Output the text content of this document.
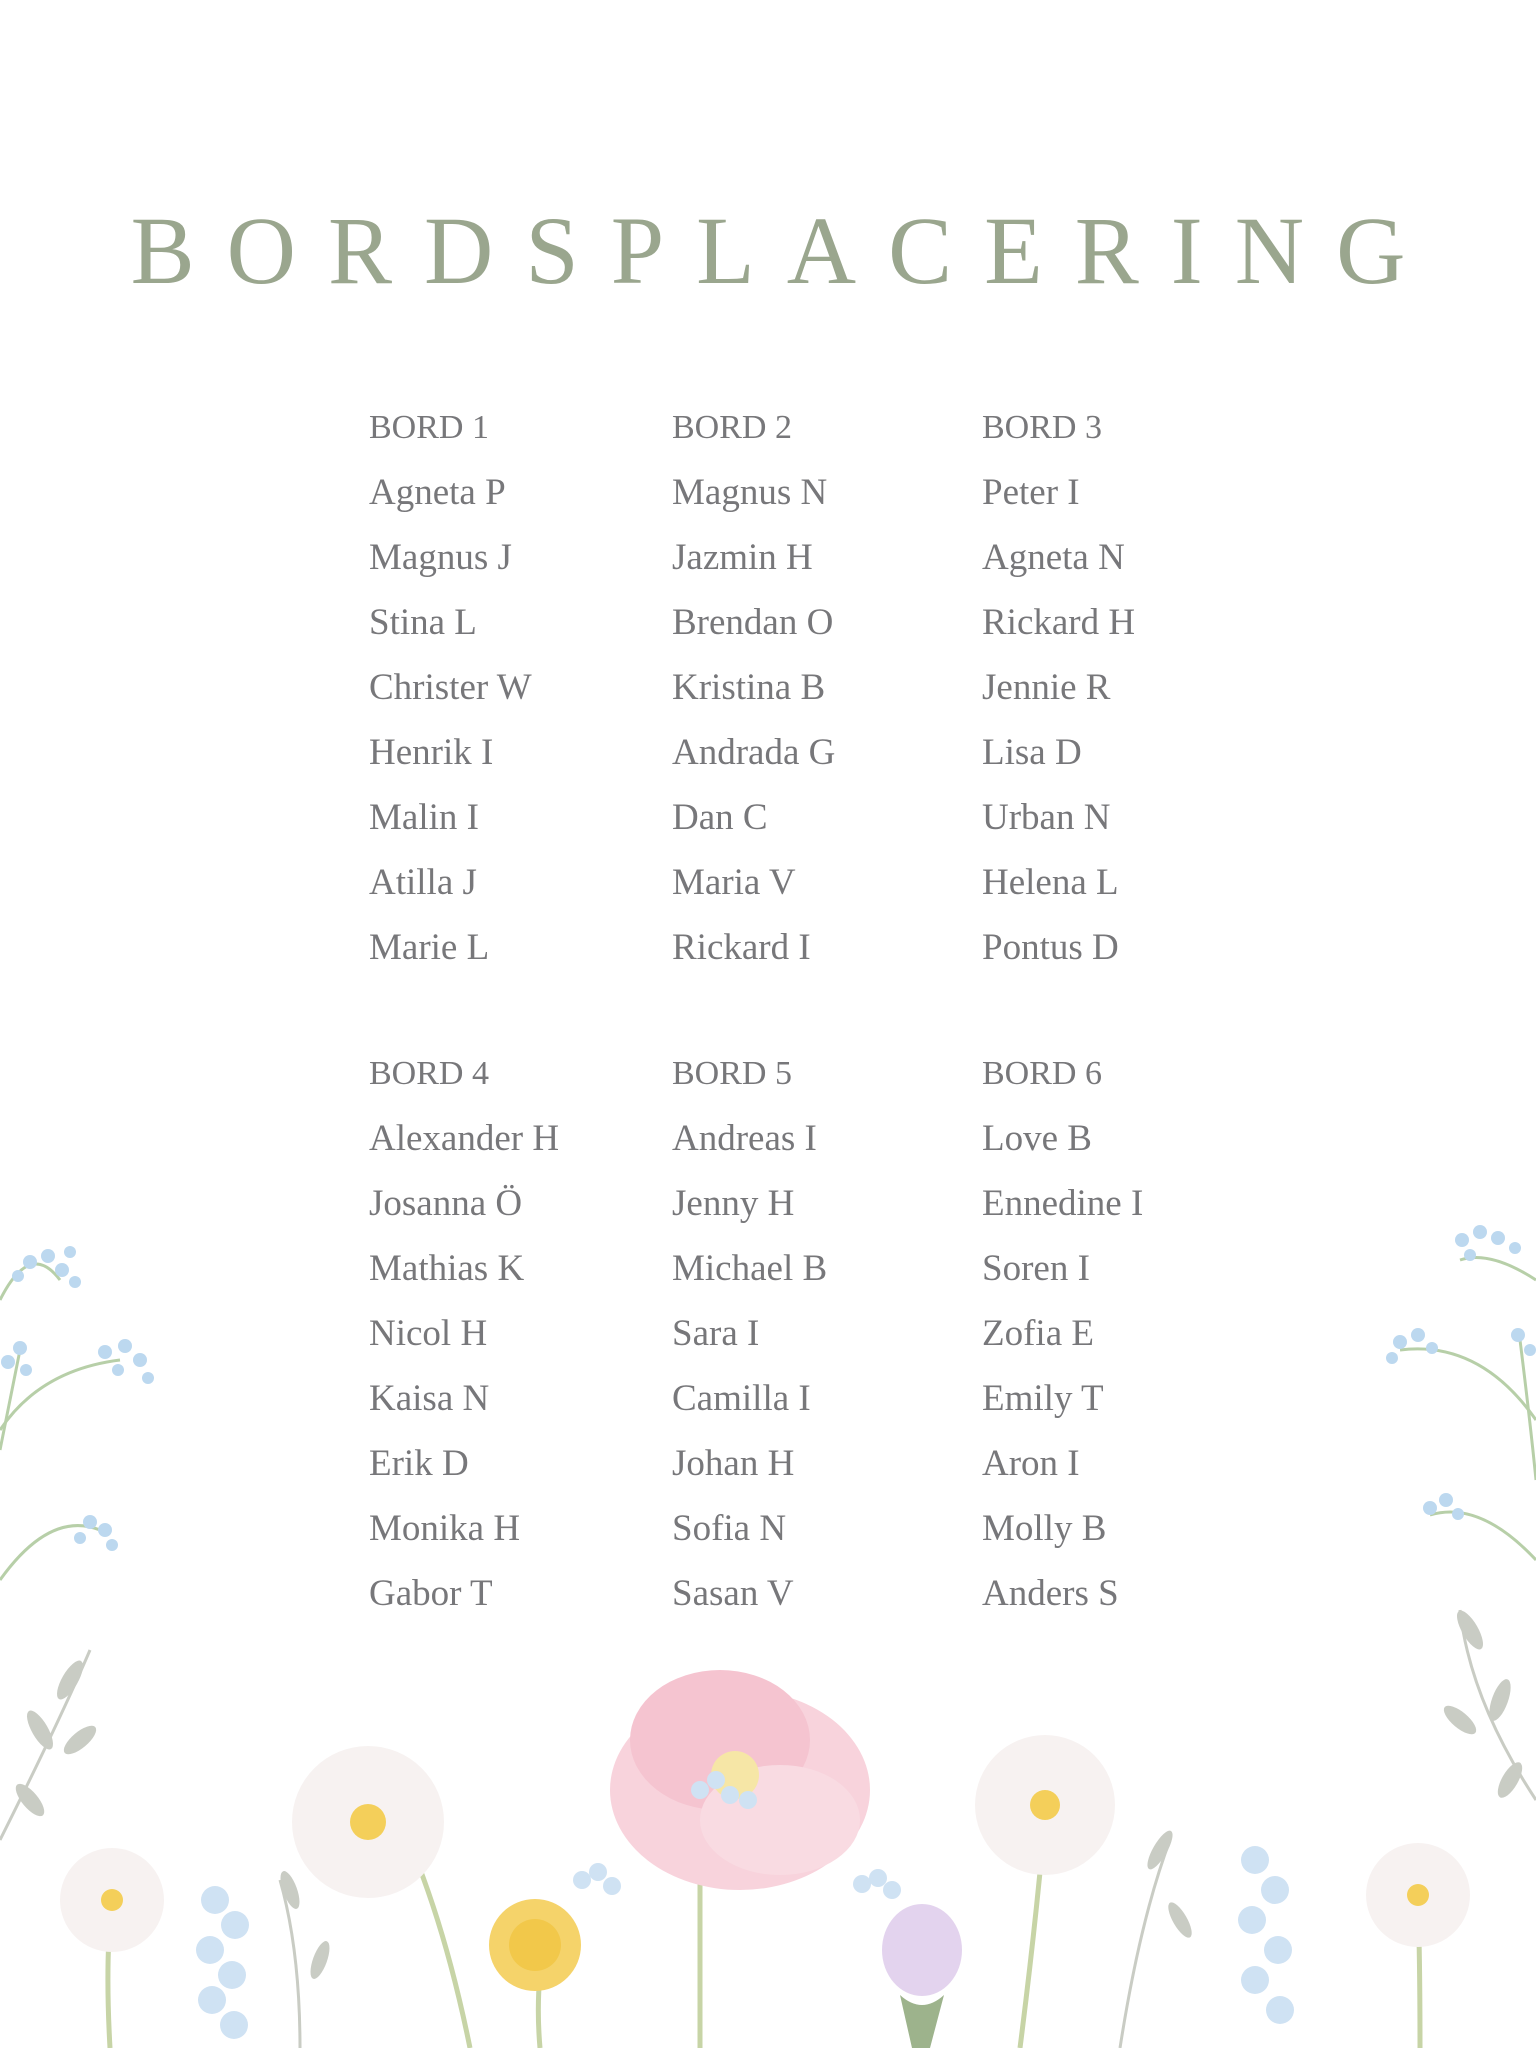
BORDSPLACERING

BORD 1

Agneta P

Magnus J

Stina L

Christer W

Henrik I

Malin I

Atilla J

Marie L

BORD 2

Magnus N

Jazmin H

Brendan O

Kristina B

Andrada G

Dan C

Maria V

Rickard I

BORD 3

Peter I

Agneta N

Rickard H

Jennie R

Lisa D

Urban N

Helena L

Pontus D

BORD 4

Alexander H

Josanna Ö

Mathias K

Nicol H

Kaisa N

Erik D

Monika H

Gabor T

BORD 5

Andreas I

Jenny H

Michael B

Sara I

Camilla I

Johan H

Sofia N

Sasan V

BORD 6

Love B

Ennedine I

Soren I

Zofia E

Emily T

Aron I

Molly B

Anders S
